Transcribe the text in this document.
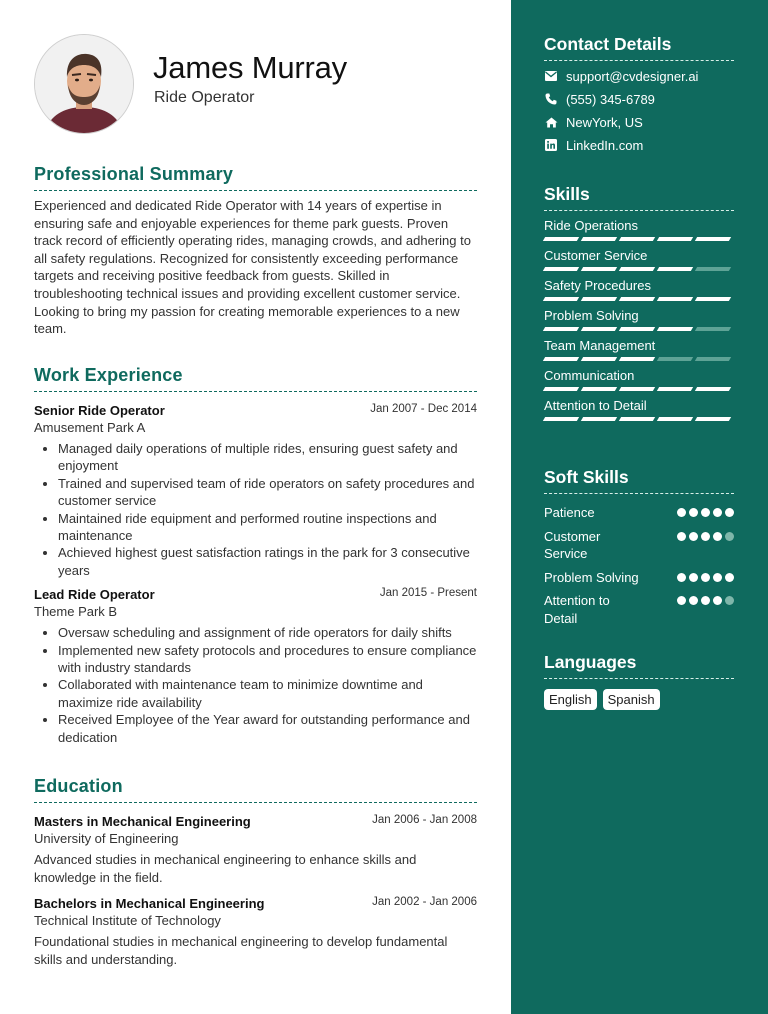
James Murray
Ride Operator
Professional Summary
Experienced and dedicated Ride Operator with 14 years of expertise in ensuring safe and enjoyable experiences for theme park guests. Proven track record of efficiently operating rides, managing crowds, and adhering to all safety regulations. Recognized for consistently exceeding performance targets and receiving positive feedback from guests. Skilled in troubleshooting technical issues and providing excellent customer service. Looking to bring my passion for creating memorable experiences to a new team.
Work Experience
Senior Ride Operator	Jan 2007 - Dec 2014
Amusement Park A
• Managed daily operations of multiple rides, ensuring guest safety and enjoyment
• Trained and supervised team of ride operators on safety procedures and customer service
• Maintained ride equipment and performed routine inspections and maintenance
• Achieved highest guest satisfaction ratings in the park for 3 consecutive years
Lead Ride Operator	Jan 2015 - Present
Theme Park B
• Oversaw scheduling and assignment of ride operators for daily shifts
• Implemented new safety protocols and procedures to ensure compliance with industry standards
• Collaborated with maintenance team to minimize downtime and maximize ride availability
• Received Employee of the Year award for outstanding performance and dedication
Education
Masters in Mechanical Engineering	Jan 2006 - Jan 2008
University of Engineering
Advanced studies in mechanical engineering to enhance skills and knowledge in the field.
Bachelors in Mechanical Engineering	Jan 2002 - Jan 2006
Technical Institute of Technology
Foundational studies in mechanical engineering to develop fundamental skills and understanding.
Contact Details
support@cvdesigner.ai
(555) 345-6789
NewYork, US
LinkedIn.com
Skills
Ride Operations
Customer Service
Safety Procedures
Problem Solving
Team Management
Communication
Attention to Detail
Soft Skills
Patience
Customer Service
Problem Solving
Attention to Detail
Languages
English	Spanish
